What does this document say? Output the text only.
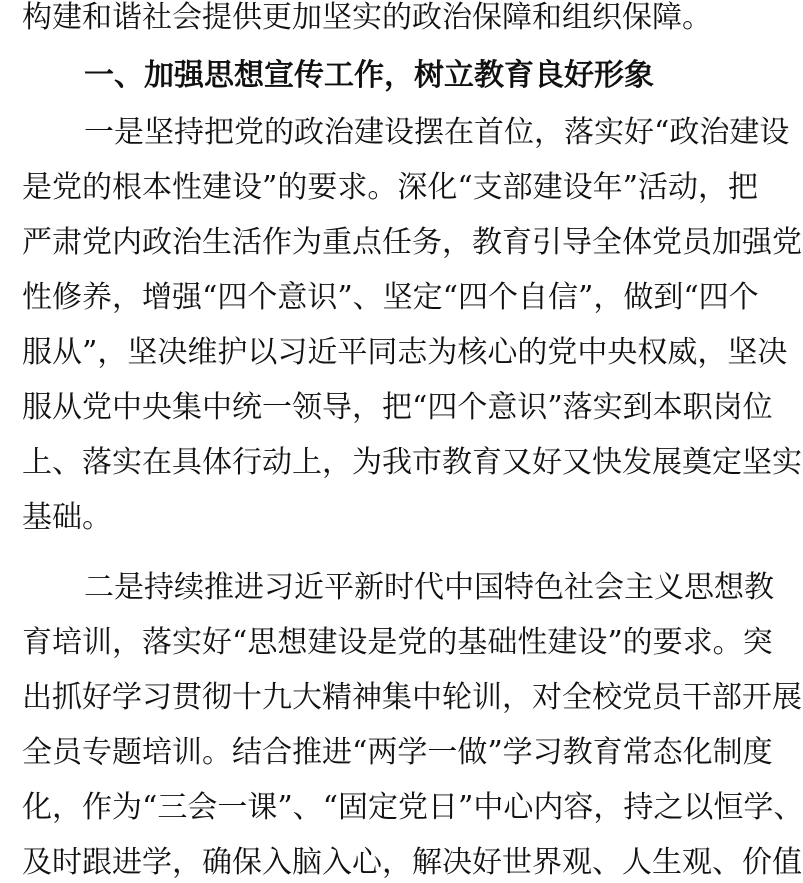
构建和谐社会提供更加坚实的政治保障和组织保障。
一、加强思想宣传工作，树立教育良好形象
一是坚持把党的政治建设摆在首位，落实好“政治建设
是党的根本性建设”的要求。深化“支部建设年”活动，把
严肃党内政治生活作为重点任务，教育引导全体党员加强党
性修养，增强“四个意识”、坚定“四个自信”，做到“四个
服从”，坚决维护以习近平同志为核心的党中央权威，坚决
服从党中央集中统一领导，把“四个意识”落实到本职岗位
上、落实在具体行动上，为我市教育又好又快发展奠定坚实
基础。
二是持续推进习近平新时代中国特色社会主义思想教
育培训，落实好“思想建设是党的基础性建设”的要求。突
出抓好学习贯彻十九大精神集中轮训，对全校党员干部开展
全员专题培训。结合推进“两学一做”学习教育常态化制度
化，作为“三会一课”、“固定党日”中心内容，持之以恒学、
及时跟进学，确保入脑入心，解决好世界观、人生观、价值
